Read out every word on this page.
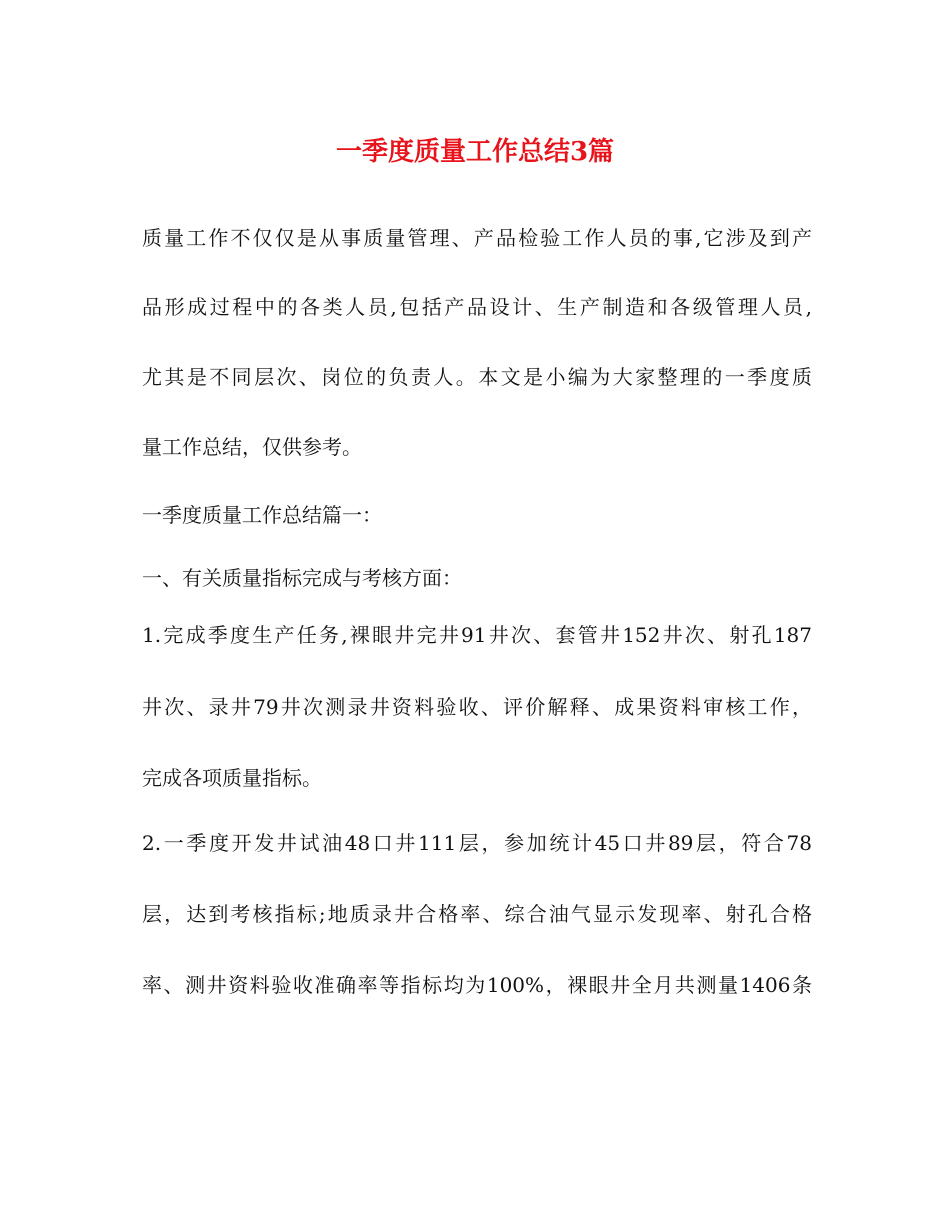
一季度质量工作总结3篇

质量工作不仅仅是从事质量管理、产品检验工作人员的事,它涉及到产

品形成过程中的各类人员,包括产品设计、生产制造和各级管理人员,

尤其是不同层次、岗位的负责人。本文是小编为大家整理的一季度质

量工作总结，仅供参考。

一季度质量工作总结篇一：

一、有关质量指标完成与考核方面：

1.完成季度生产任务,裸眼井完井91井次、套管井152井次、射孔187

井次、录井79井次测录井资料验收、评价解释、成果资料审核工作，

完成各项质量指标。

2.一季度开发井试油48口井111层，参加统计45口井89层，符合78

层，达到考核指标;地质录井合格率、综合油气显示发现率、射孔合格

率、测井资料验收准确率等指标均为100%，裸眼井全月共测量1406条
